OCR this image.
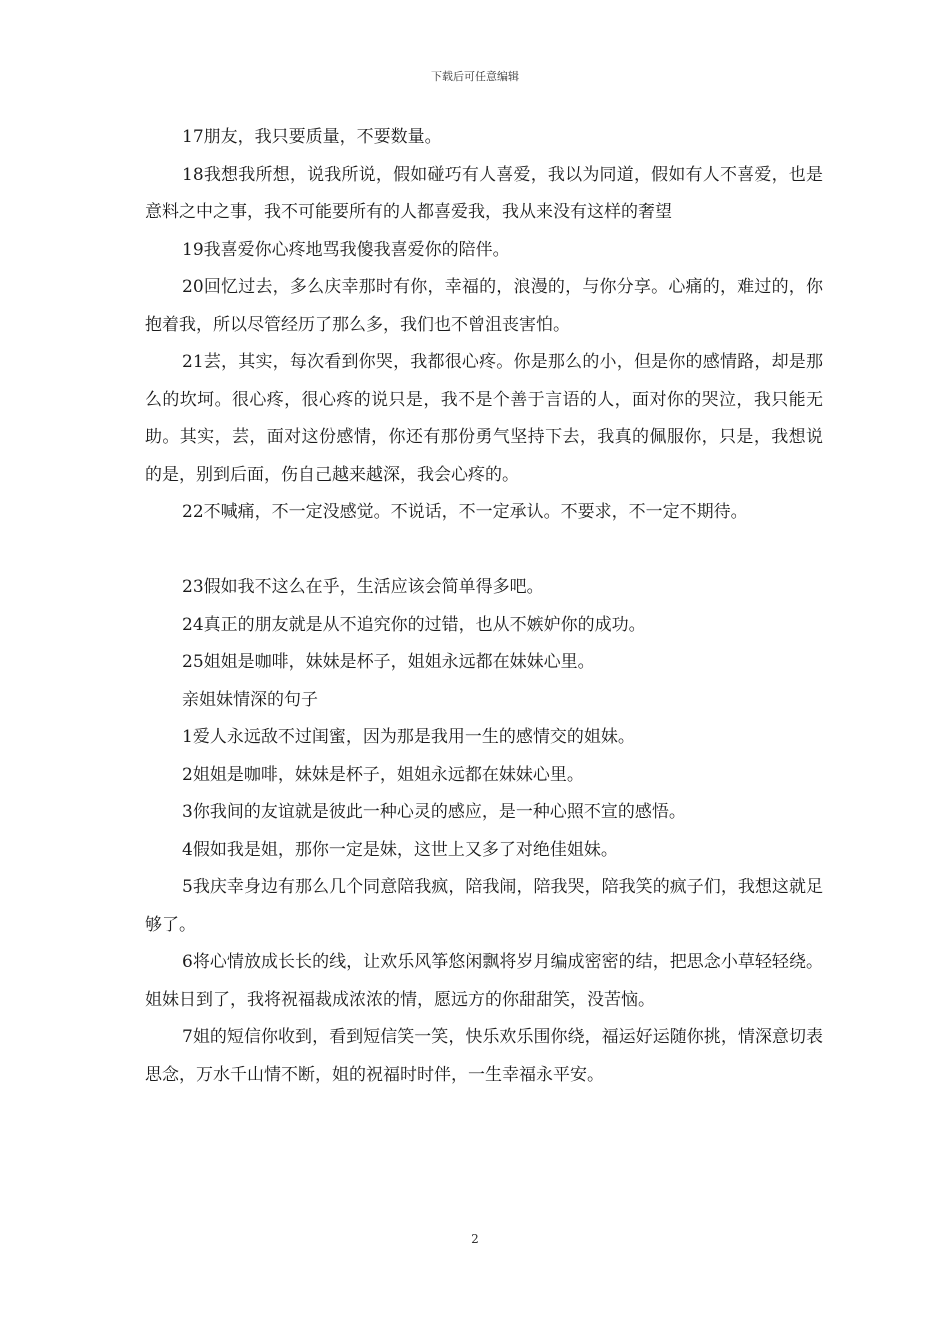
下载后可任意编辑

17朋友，我只要质量，不要数量。

18我想我所想，说我所说，假如碰巧有人喜爱，我以为同道，假如有人不喜爱，也是意料之中之事，我不可能要所有的人都喜爱我，我从来没有这样的奢望

19我喜爱你心疼地骂我傻我喜爱你的陪伴。

20回忆过去，多么庆幸那时有你，幸福的，浪漫的，与你分享。心痛的，难过的，你抱着我，所以尽管经历了那么多，我们也不曾沮丧害怕。

21芸，其实，每次看到你哭，我都很心疼。你是那么的小，但是你的感情路，却是那么的坎坷。很心疼，很心疼的说只是，我不是个善于言语的人，面对你的哭泣，我只能无助。其实，芸，面对这份感情，你还有那份勇气坚持下去，我真的佩服你，只是，我想说的是，别到后面，伤自己越来越深，我会心疼的。

22不喊痛，不一定没感觉。不说话，不一定承认。不要求，不一定不期待。

23假如我不这么在乎，生活应该会简单得多吧。

24真正的朋友就是从不追究你的过错，也从不嫉妒你的成功。

25姐姐是咖啡，妹妹是杯子，姐姐永远都在妹妹心里。

亲姐妹情深的句子

1爱人永远敌不过闺蜜，因为那是我用一生的感情交的姐妹。

2姐姐是咖啡，妹妹是杯子，姐姐永远都在妹妹心里。

3你我间的友谊就是彼此一种心灵的感应，是一种心照不宣的感悟。

4假如我是姐，那你一定是妹，这世上又多了对绝佳姐妹。

5我庆幸身边有那么几个同意陪我疯，陪我闹，陪我哭，陪我笑的疯子们，我想这就足够了。

6将心情放成长长的线，让欢乐风筝悠闲飘将岁月编成密密的结，把思念小草轻轻绕。姐妹日到了，我将祝福裁成浓浓的情，愿远方的你甜甜笑，没苦恼。

7姐的短信你收到，看到短信笑一笑，快乐欢乐围你绕，福运好运随你挑，情深意切表思念，万水千山情不断，姐的祝福时时伴，一生幸福永平安。

2
